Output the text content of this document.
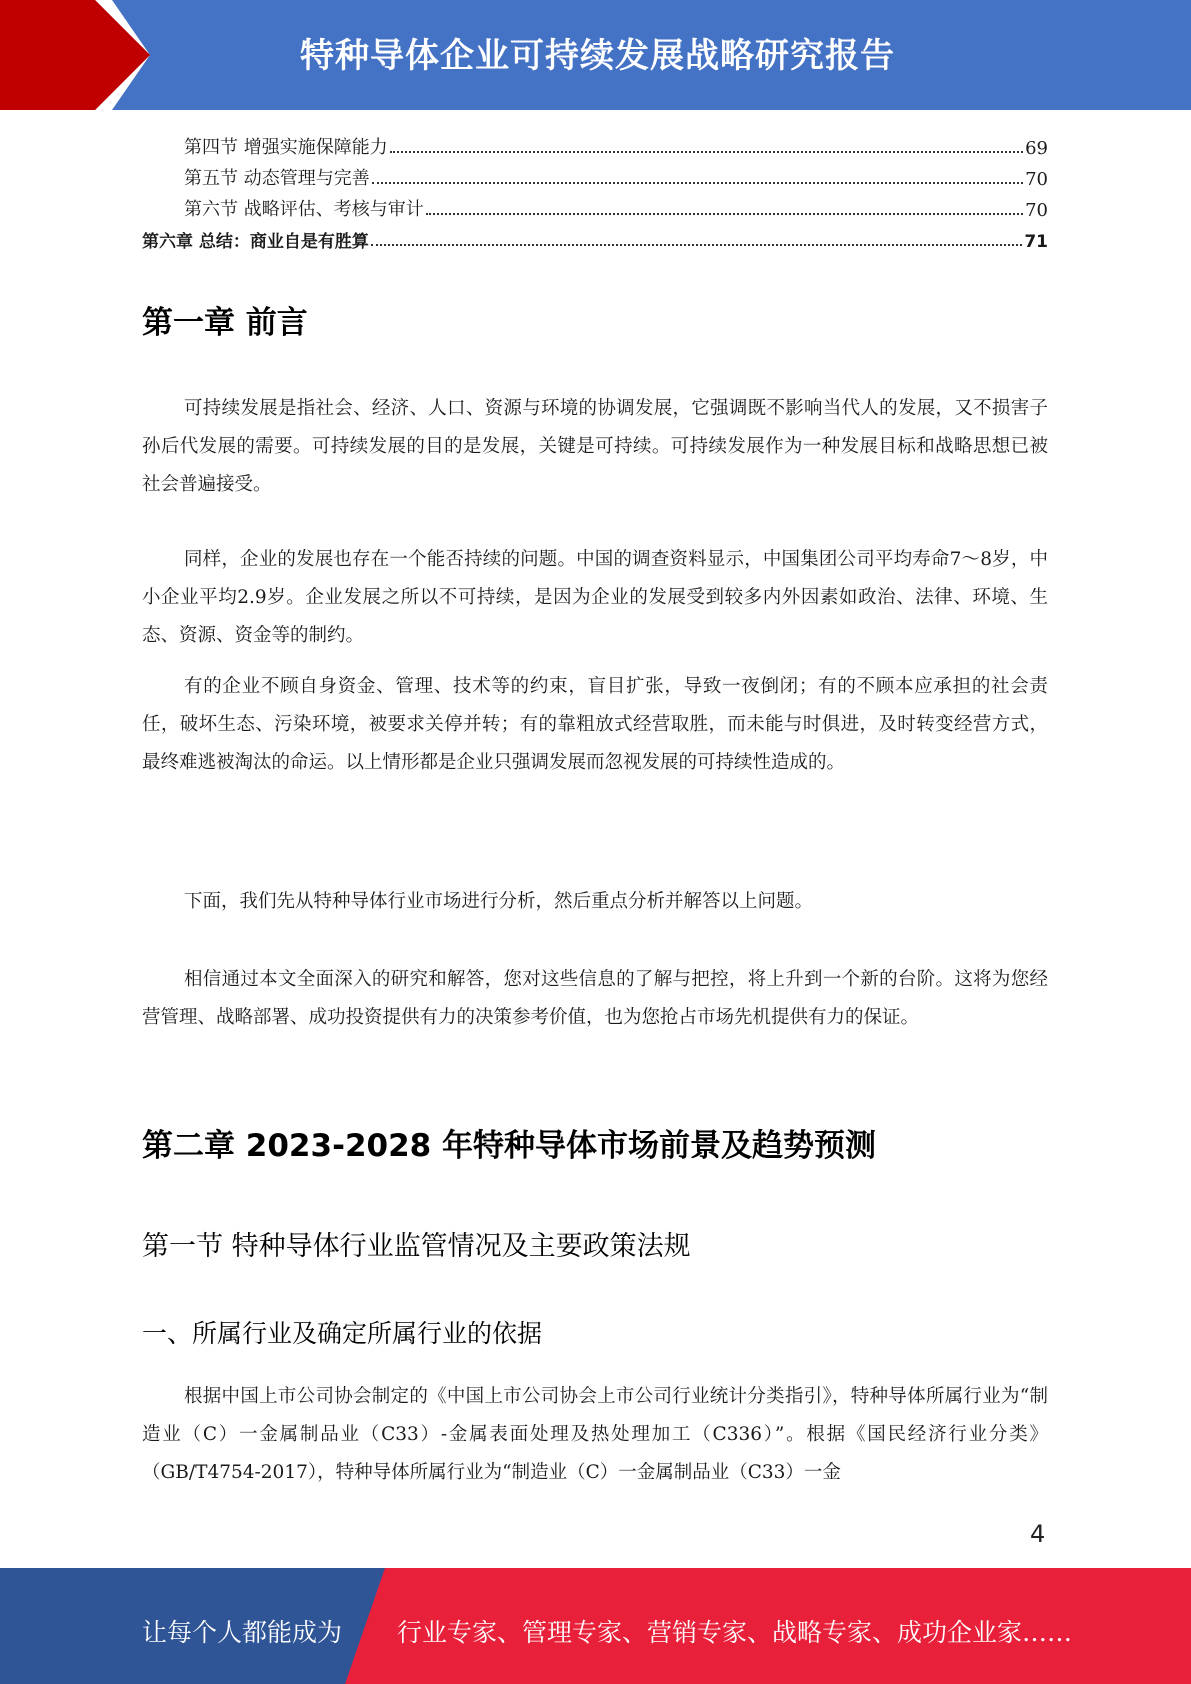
特种导体企业可持续发展战略研究报告
第四节 增强实施保障能力	69
第五节 动态管理与完善	70
第六节 战略评估、考核与审计	70
第六章 总结：商业自是有胜算	71
第一章 前言
可持续发展是指社会、经济、人口、资源与环境的协调发展，它强调既不影响当代人的发展，又不损害子孙后代发展的需要。可持续发展的目的是发展，关键是可持续。可持续发展作为一种发展目标和战略思想已被社会普遍接受。
同样，企业的发展也存在一个能否持续的问题。中国的调查资料显示，中国集团公司平均寿命7～8岁，中小企业平均2.9岁。企业发展之所以不可持续，是因为企业的发展受到较多内外因素如政治、法律、环境、生态、资源、资金等的制约。
有的企业不顾自身资金、管理、技术等的约束，盲目扩张，导致一夜倒闭；有的不顾本应承担的社会责任，破坏生态、污染环境，被要求关停并转；有的靠粗放式经营取胜，而未能与时俱进，及时转变经营方式，最终难逃被淘汰的命运。以上情形都是企业只强调发展而忽视发展的可持续性造成的。
下面，我们先从特种导体行业市场进行分析，然后重点分析并解答以上问题。
相信通过本文全面深入的研究和解答，您对这些信息的了解与把控，将上升到一个新的台阶。这将为您经营管理、战略部署、成功投资提供有力的决策参考价值，也为您抢占市场先机提供有力的保证。
第二章 2023-2028 年特种导体市场前景及趋势预测
第一节 特种导体行业监管情况及主要政策法规
一、所属行业及确定所属行业的依据
根据中国上市公司协会制定的《中国上市公司协会上市公司行业统计分类指引》，特种导体所属行业为“制造业（C）一金属制品业（C33）-金属表面处理及热处理加工（C336）”。根据《国民经济行业分类》（GB/T4754-2017），特种导体所属行业为“制造业（C）一金属制品业（C33）一金
4
让每个人都能成为 行业专家、管理专家、营销专家、战略专家、成功企业家……
